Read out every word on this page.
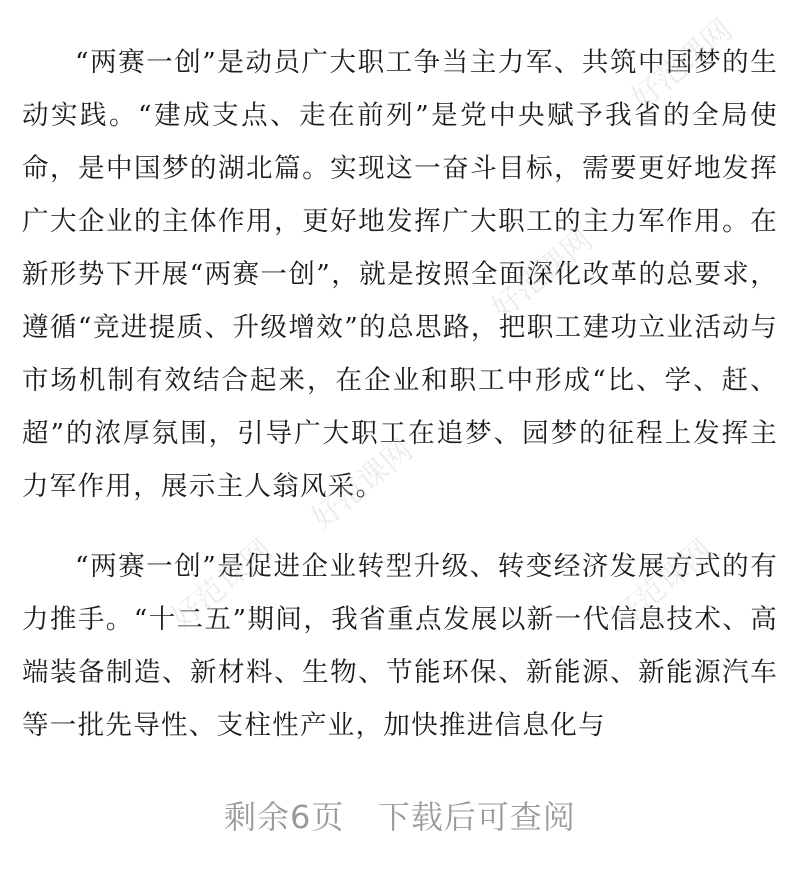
“两赛一创”是动员广大职工争当主力军、共筑中国梦的生动实践。“建成支点、走在前列”是党中央赋予我省的全局使命，是中国梦的湖北篇。实现这一奋斗目标，需要更好地发挥广大企业的主体作用，更好地发挥广大职工的主力军作用。在新形势下开展“两赛一创”，就是按照全面深化改革的总要求，遵循“竞进提质、升级增效”的总思路，把职工建功立业活动与市场机制有效结合起来，在企业和职工中形成“比、学、赶、超”的浓厚氛围，引导广大职工在追梦、园梦的征程上发挥主力军作用，展示主人翁风采。

“两赛一创”是促进企业转型升级、转变经济发展方式的有力推手。“十二五”期间，我省重点发展以新一代信息技术、高端装备制造、新材料、生物、节能环保、新能源、新能源汽车等一批先导性、支柱性产业，加快推进信息化与

好范课网
好范课网
好范课网
好范课网	好范课网
剩余6页   下载后可查阅
